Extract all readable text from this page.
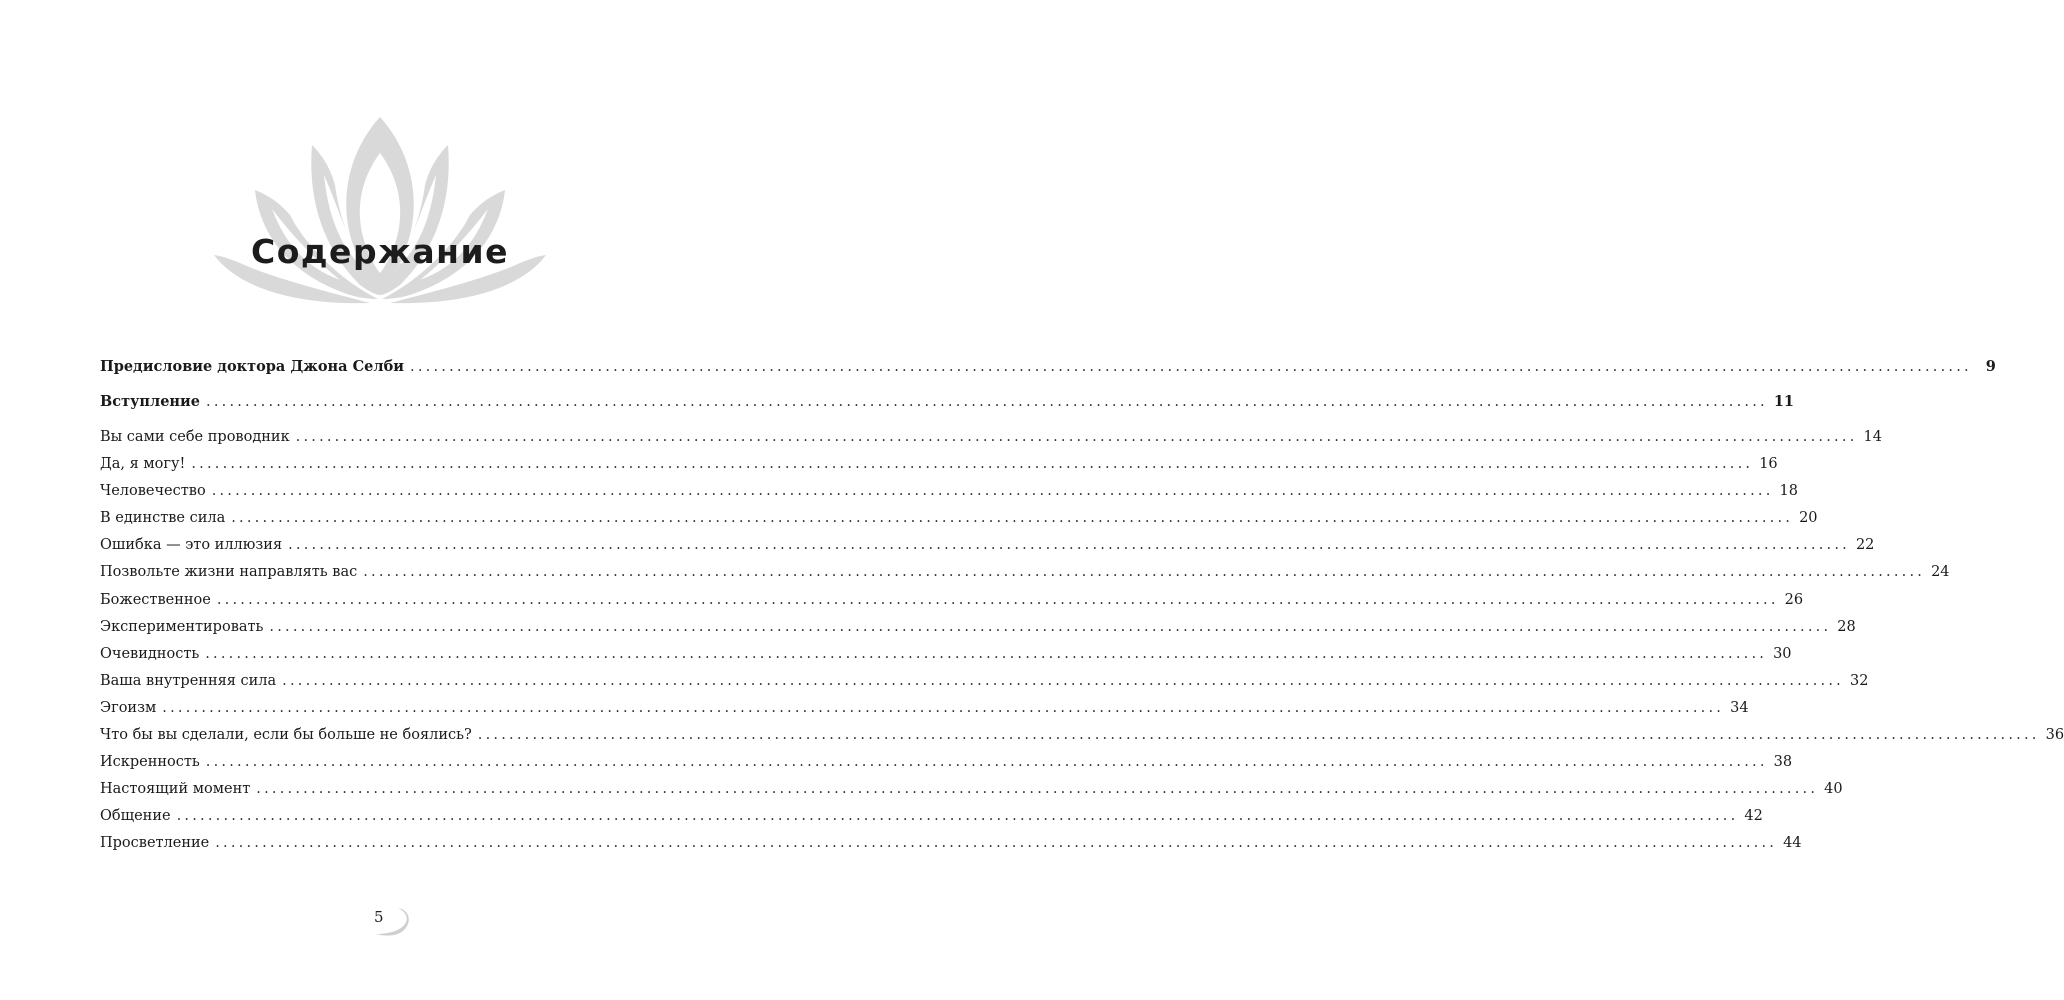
Содержание
Предисловие доктора Джона Селби ........................................................................................................................................................................................................ 9
Вступление ........................................................................................................................................................................................................ 11
Вы сами себе проводник ........................................................................................................................................................................................................ 14
Да, я могу! ........................................................................................................................................................................................................ 16
Человечество ........................................................................................................................................................................................................ 18
В единстве сила ........................................................................................................................................................................................................ 20
Ошибка — это иллюзия ........................................................................................................................................................................................................ 22
Позвольте жизни направлять вас ........................................................................................................................................................................................................ 24
Божественное ........................................................................................................................................................................................................ 26
Экспериментировать ........................................................................................................................................................................................................ 28
Очевидность ........................................................................................................................................................................................................ 30
Ваша внутренняя сила ........................................................................................................................................................................................................ 32
Эгоизм ........................................................................................................................................................................................................ 34
Что бы вы сделали, если бы больше не боялись? ........................................................................................................................................................................................................ 36
Искренность ........................................................................................................................................................................................................ 38
Настоящий момент ........................................................................................................................................................................................................ 40
Общение ........................................................................................................................................................................................................ 42
Просветление ........................................................................................................................................................................................................ 44
5
